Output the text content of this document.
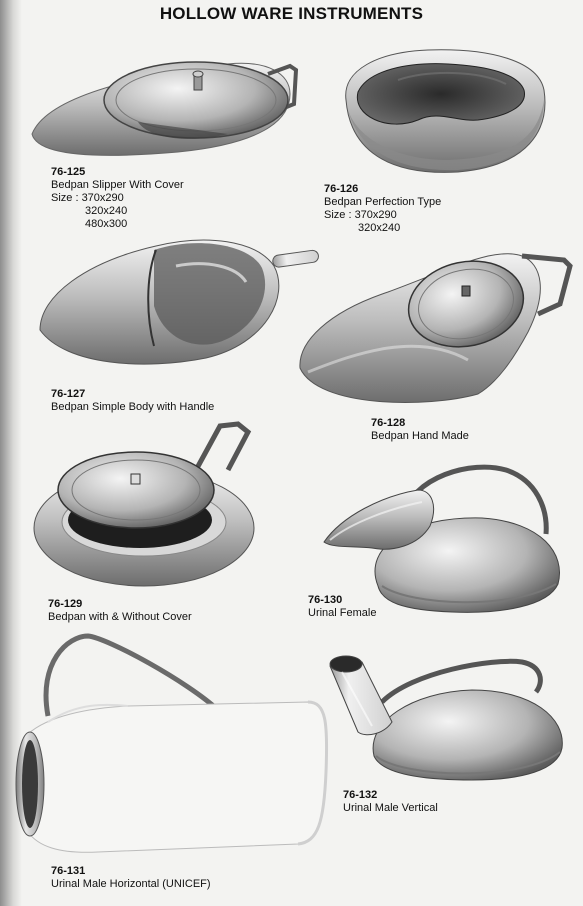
HOLLOW WARE INSTRUMENTS
76-125
Bedpan Slipper With Cover
Size : 370x290
320x240
480x300
76-126
Bedpan Perfection Type
Size : 370x290
320x240
76-127
Bedpan Simple Body with Handle
76-128
Bedpan Hand Made
76-129
Bedpan with & Without Cover
76-130
Urinal Female
76-131
Urinal Male Horizontal (UNICEF)
76-132
Urinal Male Vertical
